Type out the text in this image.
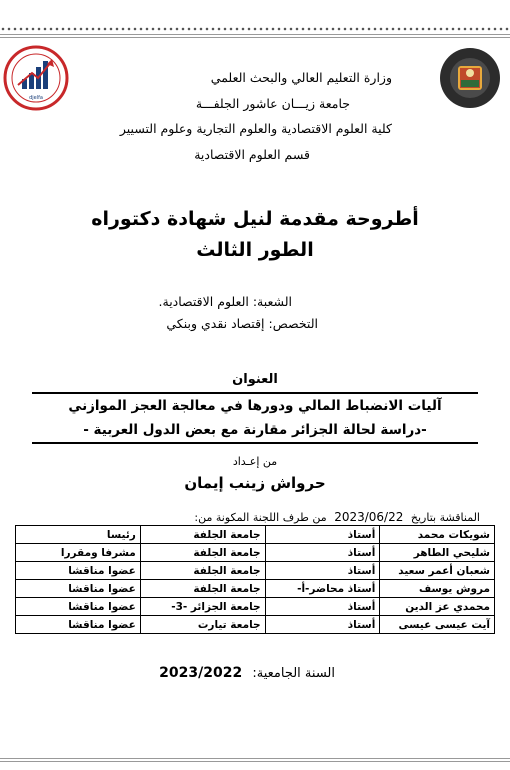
djelfa
وزارة التعليم العالي والبحث العلمي
جامعة زيـــان عاشور الجلفـــة
كلية العلوم الاقتصادية والعلوم التجارية وعلوم التسيير
قسم العلوم الاقتصادية
أطروحة مقدمة لنيل شهادة دكتوراه
الطور الثالث
الشعبة: العلوم الاقتصادية.
التخصص: إقتصاد نقدي وبنكي
العنوان
آليات الانضباط المالي ودورها في معالجة العجز الموازني
-دراسة لحالة الجزائر مقارنة مع بعض الدول العربية -
من إعـداد
حرواش زينب إيمان
المناقشة بتاريخ 2023/06/22 من طرف اللجنة المكونة من:
شويكات محمد	أستاذ	جامعة الجلفة	رئيسا
شليحي الطاهر	أستاذ	جامعة الجلفة	مشرفا ومقررا
شعبان أعمر سعيد	أستاذ	جامعة الجلفة	عضوا مناقشا
مروش يوسف	أستاذ محاضر-أ-	جامعة الجلفة	عضوا مناقشا
محمدي عز الدين	أستاذ	جامعة الجزائر -3-	عضوا مناقشا
آيت عيسى عيسى	أستاذ	جامعة تيارت	عضوا مناقشا
السنة الجامعية: 2023/2022
